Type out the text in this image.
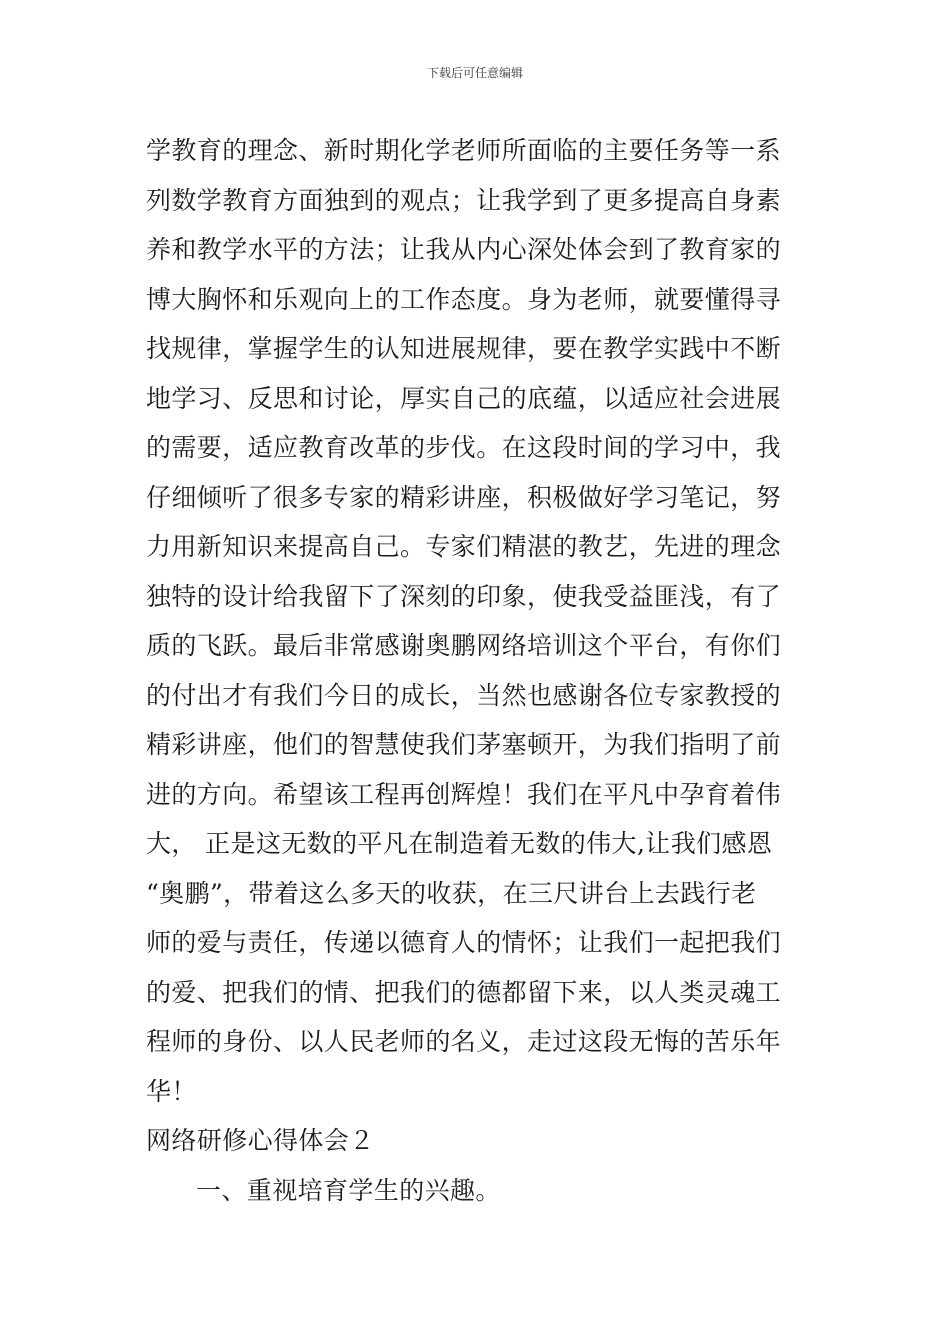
下载后可任意编辑
学教育的理念、新时期化学老师所面临的主要任务等一系
列数学教育方面独到的观点；让我学到了更多提高自身素
养和教学水平的方法；让我从内心深处体会到了教育家的
博大胸怀和乐观向上的工作态度。身为老师，就要懂得寻
找规律，掌握学生的认知进展规律，要在教学实践中不断
地学习、反思和讨论，厚实自己的底蕴，以适应社会进展
的需要，适应教育改革的步伐。在这段时间的学习中，我
仔细倾听了很多专家的精彩讲座，积极做好学习笔记，努
力用新知识来提高自己。专家们精湛的教艺，先进的理念
独特的设计给我留下了深刻的印象，使我受益匪浅，有了
质的飞跃。最后非常感谢奥鹏网络培训这个平台，有你们
的付出才有我们今日的成长，当然也感谢各位专家教授的
精彩讲座，他们的智慧使我们茅塞顿开，为我们指明了前
进的方向。希望该工程再创辉煌！我们在平凡中孕育着伟
大， 正是这无数的平凡在制造着无数的伟大,让我们感恩
“奥鹏”，带着这么多天的收获，在三尺讲台上去践行老
师的爱与责任，传递以德育人的情怀；让我们一起把我们
的爱、把我们的情、把我们的德都留下来，以人类灵魂工
程师的身份、以人民老师的名义，走过这段无悔的苦乐年
华！
网络研修心得体会２
一、重视培育学生的兴趣。
